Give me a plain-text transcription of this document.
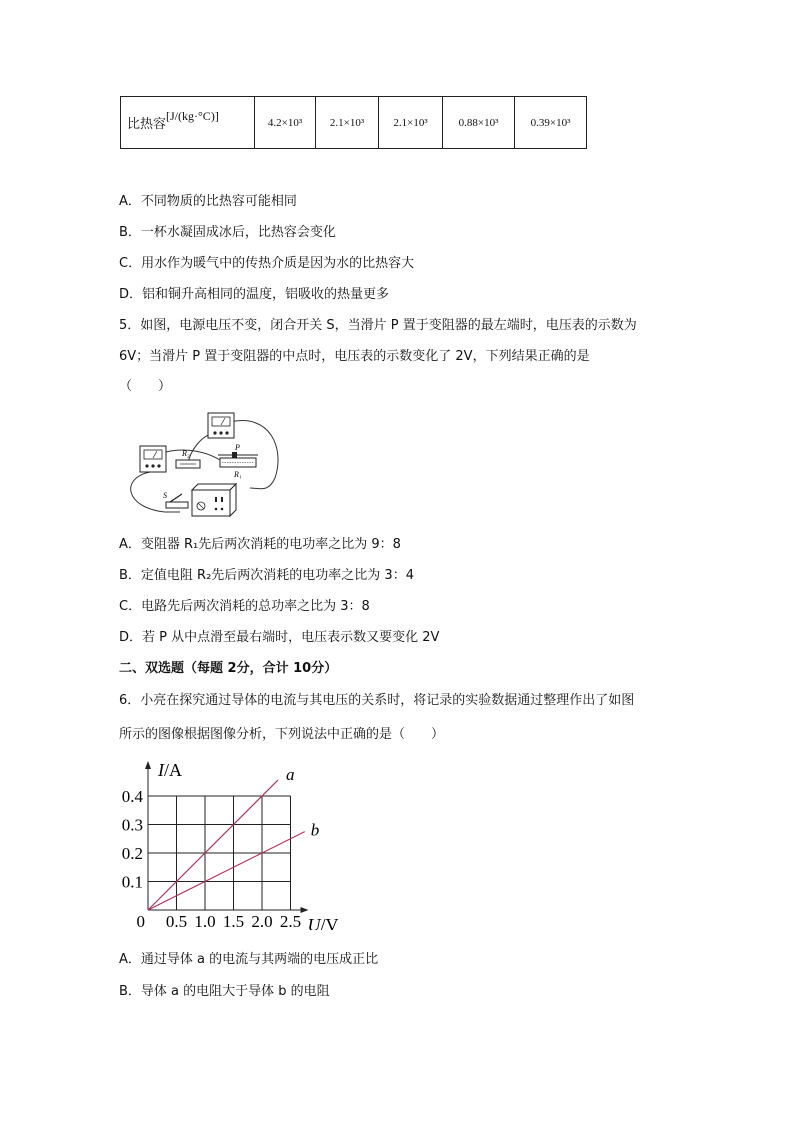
比热容[J/(kg·°C)]	4.2×10³	2.1×10³	2.1×10³	0.88×10³	0.39×10³
A．不同物质的比热容可能相同
B．一杯水凝固成冰后，比热容会变化
C．用水作为暖气中的传热介质是因为水的比热容大
D．铝和铜升高相同的温度，铝吸收的热量更多
5．如图，电源电压不变，闭合开关 S，当滑片 P 置于变阻器的最左端时，电压表的示数为
6V；当滑片 P 置于变阻器的中点时，电压表的示数变化了 2V，下列结果正确的是
（　　）
R₂
P
R₁
S
A．变阻器 R₁先后两次消耗的电功率之比为 9：8
B．定值电阻 R₂先后两次消耗的电功率之比为 3：4
C．电路先后两次消耗的总功率之比为 3：8
D．若 P 从中点滑至最右端时，电压表示数又要变化 2V
二、双选题（每题 2分，合计 10分）
6．小亮在探究通过导体的电流与其电压的关系时，将记录的实验数据通过整理作出了如图
所示的图像根据图像分析，下列说法中正确的是（　　）
a
b
0.5 1.0 1.5 2.0 2.5
0.1
0.2
0.3
0.4
0
I/A
U/V
A．通过导体 a 的电流与其两端的电压成正比
B．导体 a 的电阻大于导体 b 的电阻
